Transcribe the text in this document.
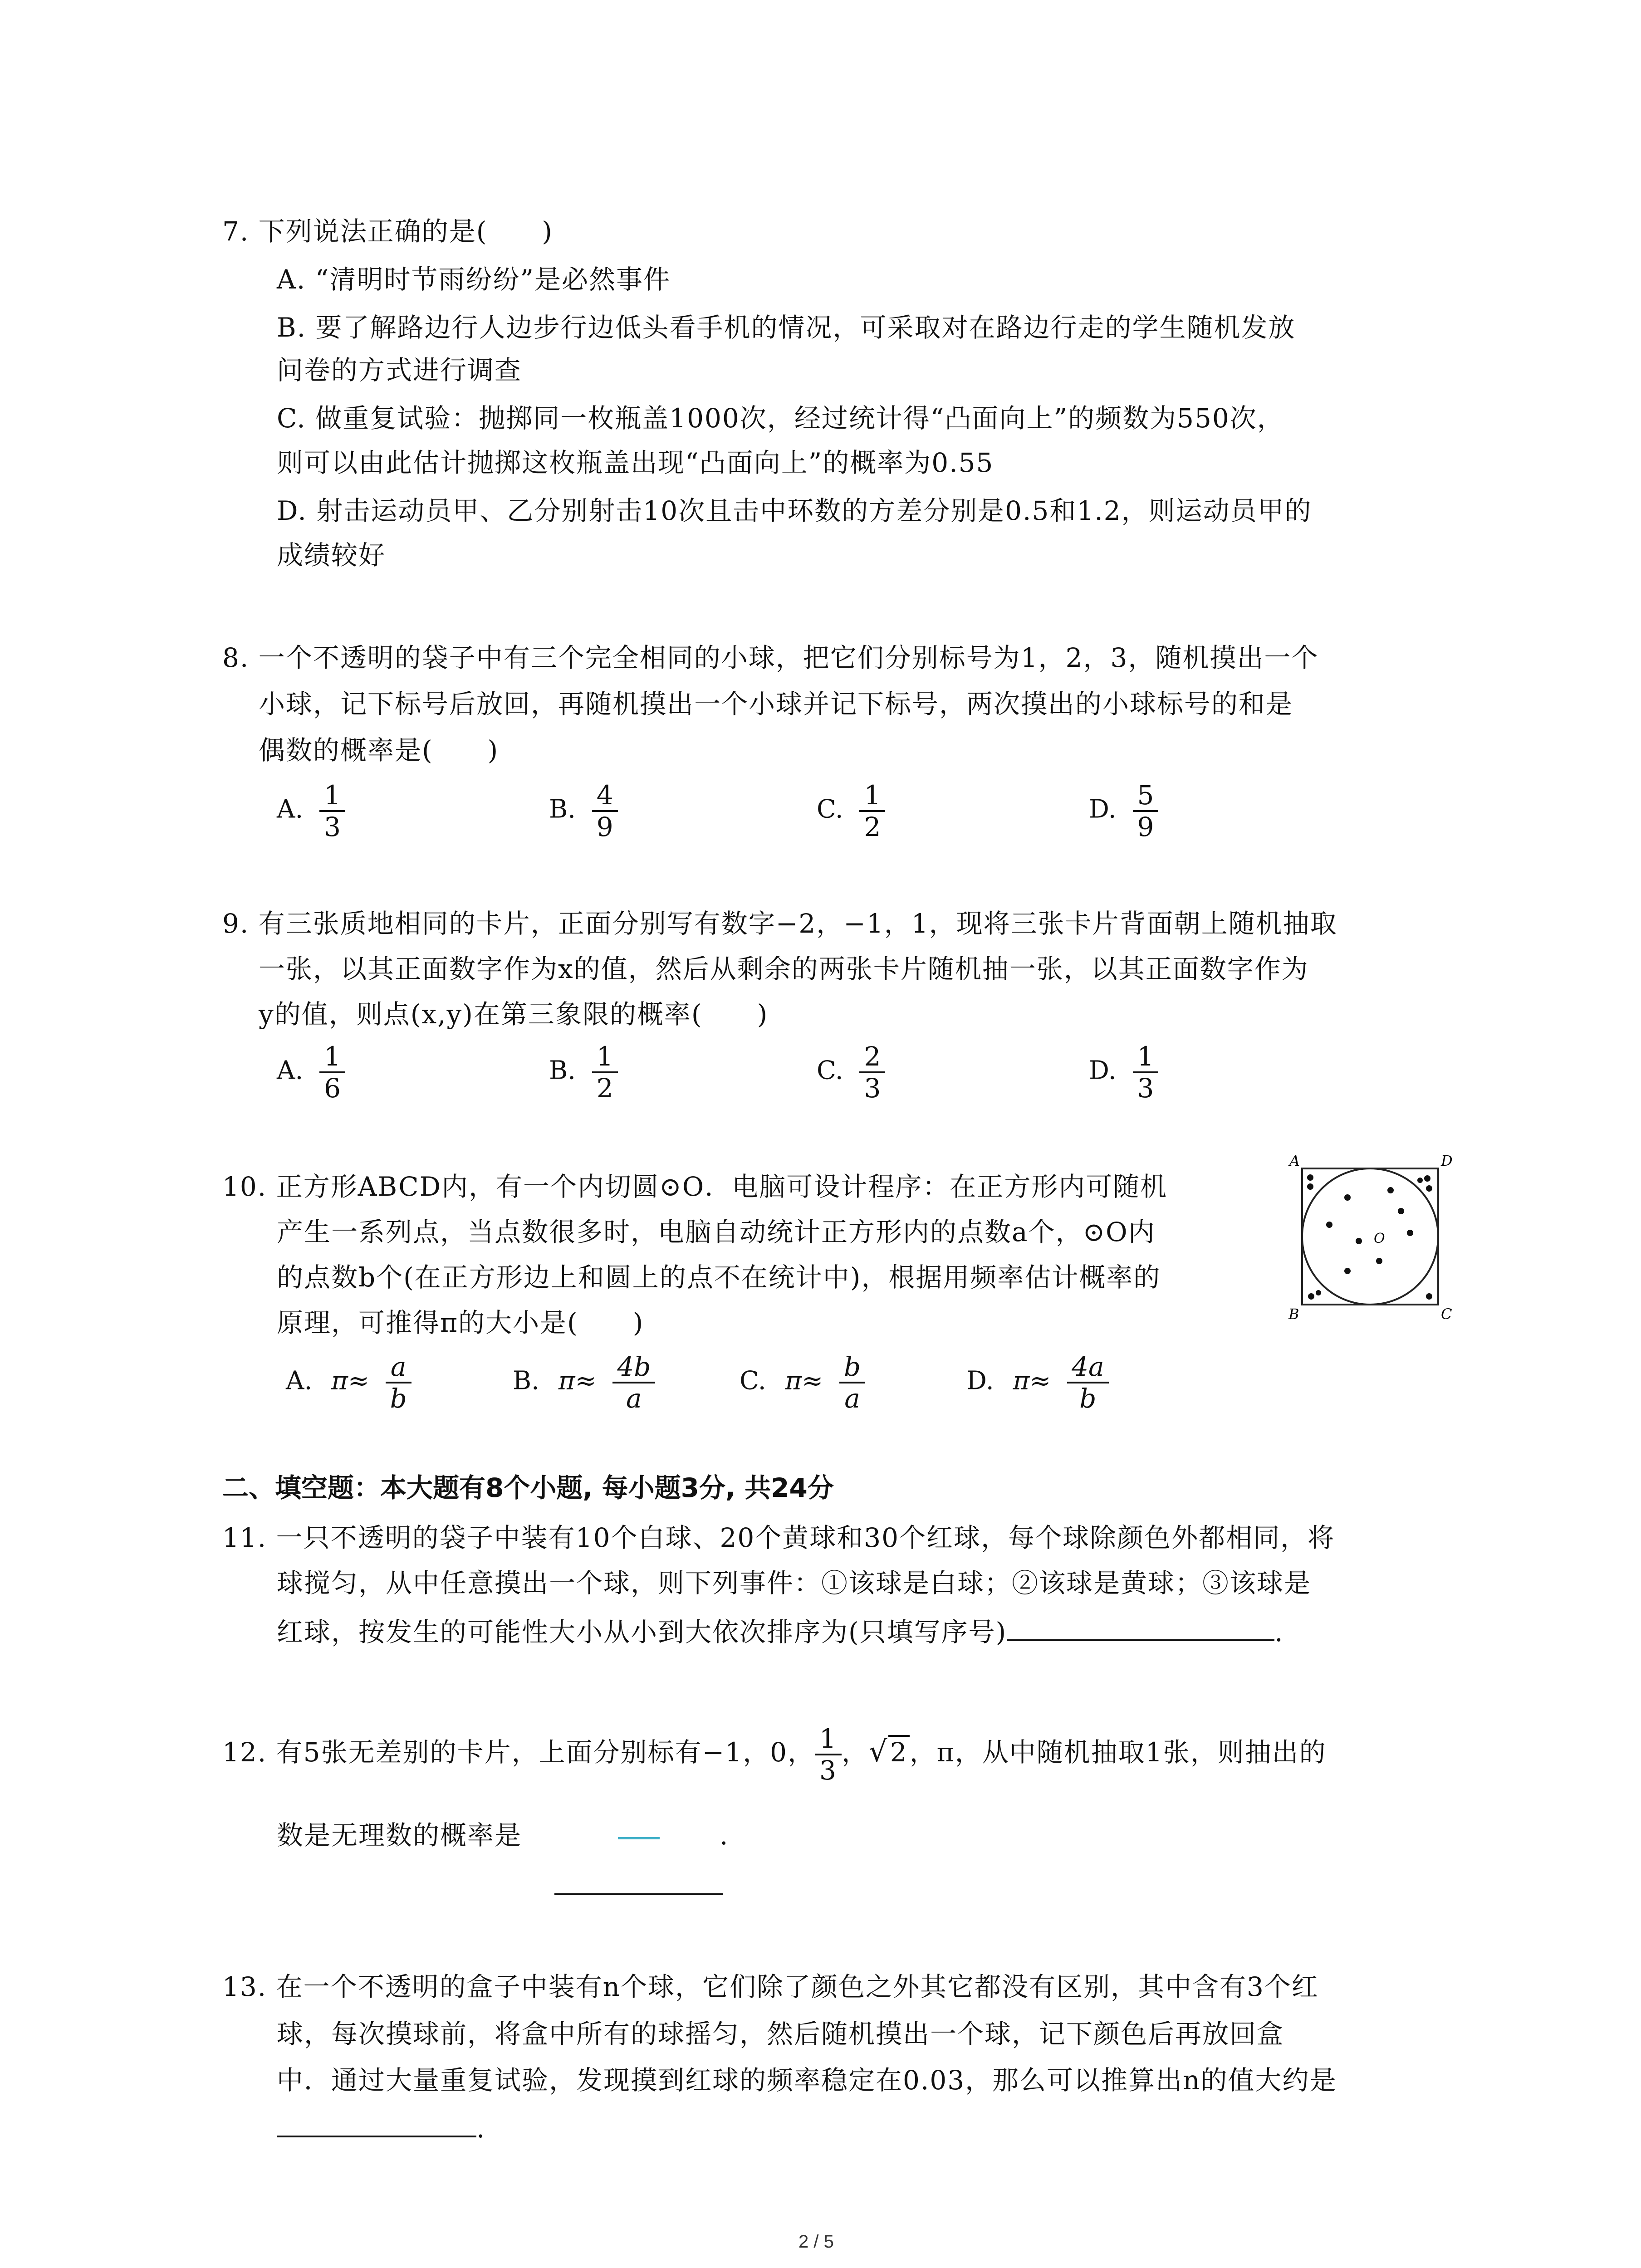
7. 下列说法正确的是(　　)
A. “清明时节雨纷纷”是必然事件
B. 要了解路边行人边步行边低头看手机的情况，可采取对在路边行走的学生随机发放
问卷的方式进行调查
C. 做重复试验：抛掷同一枚瓶盖1000次，经过统计得“凸面向上”的频数为550次，
则可以由此估计抛掷这枚瓶盖出现“凸面向上”的概率为0.55
D. 射击运动员甲、乙分别射击10次且击中环数的方差分别是0.5和1.2，则运动员甲的
成绩较好
8. 一个不透明的袋子中有三个完全相同的小球，把它们分别标号为1，2，3，随机摸出一个
小球，记下标号后放回，再随机摸出一个小球并记下标号，两次摸出的小球标号的和是
偶数的概率是(　　)
A. $\frac{1}{3}$	B. $\frac{4}{9}$	C. $\frac{1}{2}$	D. $\frac{5}{9}$
9. 有三张质地相同的卡片，正面分别写有数字−2，−1，1，现将三张卡片背面朝上随机抽取
一张，以其正面数字作为x的值，然后从剩余的两张卡片随机抽一张，以其正面数字作为
y的值，则点(x,y)在第三象限的概率(　　)
A. $\frac{1}{6}$	B. $\frac{1}{2}$	C. $\frac{2}{3}$	D. $\frac{1}{3}$
10. 正方形ABCD内，有一个内切圆⊙O．电脑可设计程序：在正方形内可随机
产生一系列点，当点数很多时，电脑自动统计正方形内的点数a个，⊙O内
的点数b个(在正方形边上和圆上的点不在统计中)，根据用频率估计概率的
原理，可推得π的大小是(　　)
A	D
B	C
O
A. $\pi\approx \frac{a}{b}$	B. $\pi\approx \frac{4b}{a}$	C. $\pi\approx \frac{b}{a}$	D. $\pi\approx \frac{4a}{b}$
二、填空题：本大题有8个小题, 每小题3分, 共24分
11. 一只不透明的袋子中装有10个白球、20个黄球和30个红球，每个球除颜色外都相同，将
球搅匀，从中任意摸出一个球，则下列事件：①该球是白球；②该球是黄球；③该球是
红球，按发生的可能性大小从小到大依次排序为(只填写序号)	.
12. 有5张无差别的卡片，上面分别标有−1，0， $\frac{1}{3}$ ，√2，π，从中随机抽取1张，则抽出的
数是无理数的概率是	.
13. 在一个不透明的盒子中装有n个球，它们除了颜色之外其它都没有区别，其中含有3个红
球，每次摸球前，将盒中所有的球摇匀，然后随机摸出一个球，记下颜色后再放回盒
中．通过大量重复试验，发现摸到红球的频率稳定在0.03，那么可以推算出n的值大约是
.
2 / 5
